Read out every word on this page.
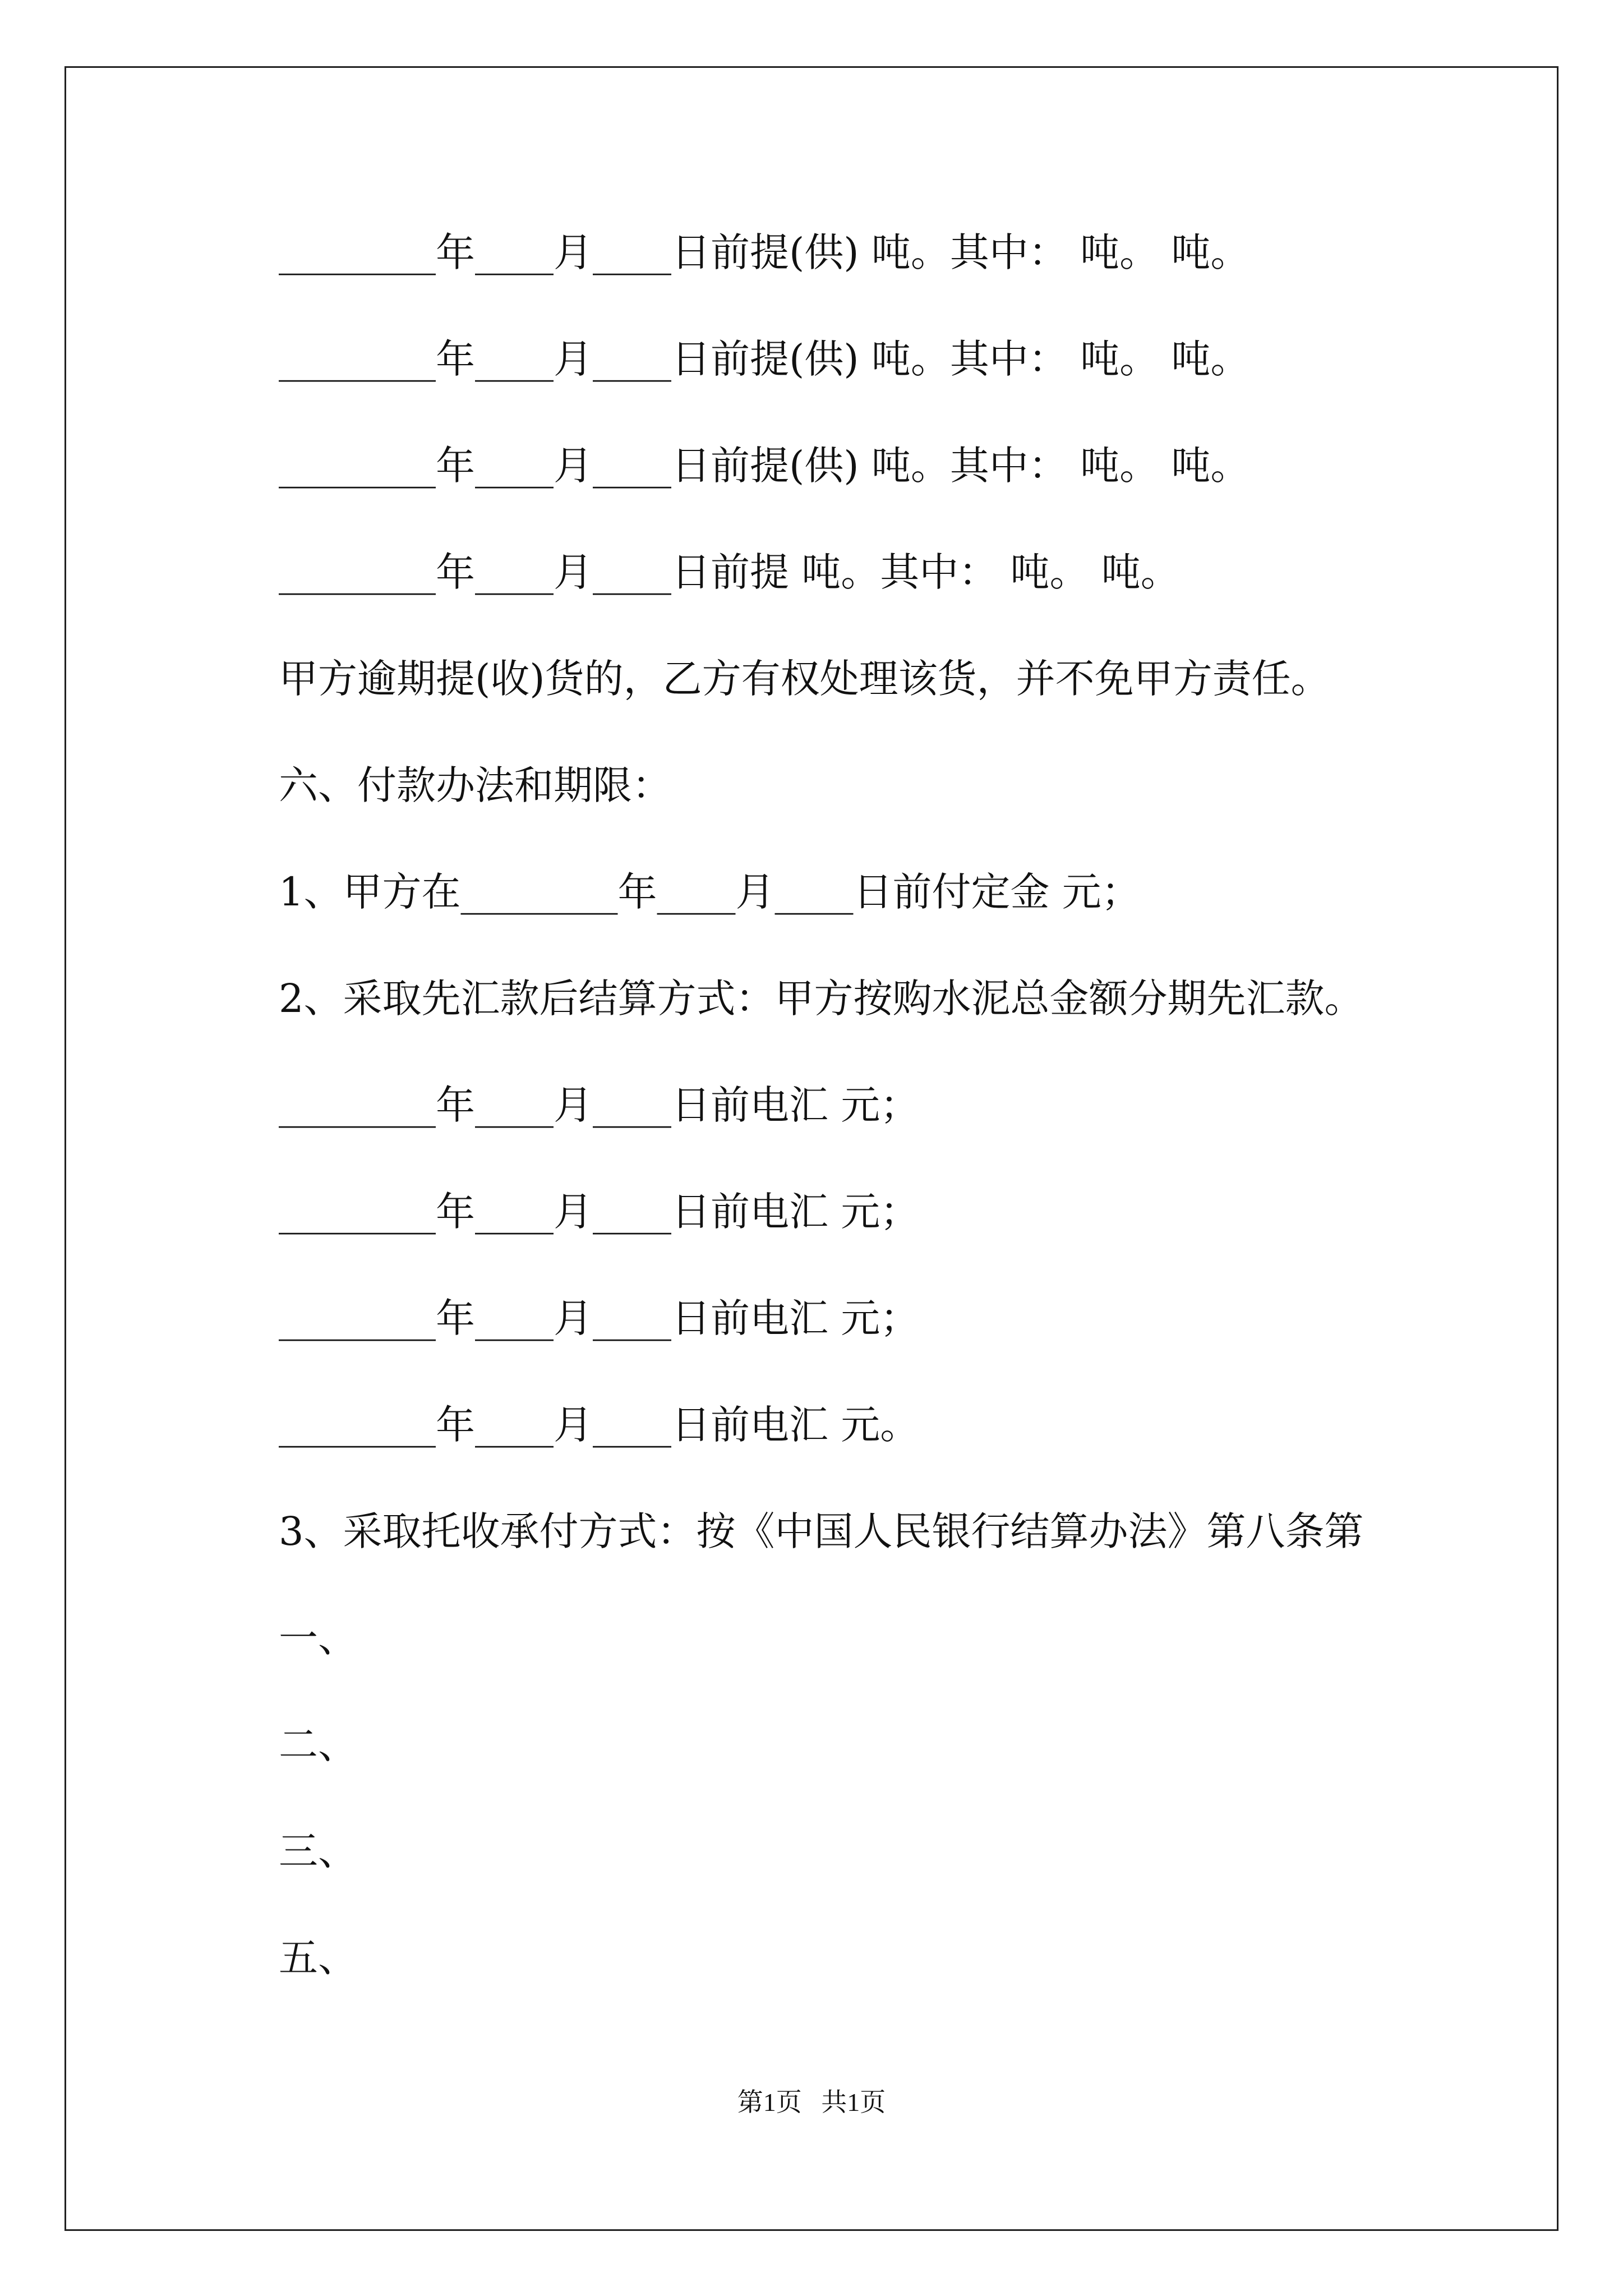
________年____月____日前提(供) 吨。其中： 吨。 吨。

________年____月____日前提(供) 吨。其中： 吨。 吨。

________年____月____日前提(供) 吨。其中： 吨。 吨。

________年____月____日前提 吨。其中： 吨。 吨。

甲方逾期提(收)货的，乙方有权处理该货，并不免甲方责任。

六、付款办法和期限：

1、甲方在________年____月____日前付定金 元；

2、采取先汇款后结算方式：甲方按购水泥总金额分期先汇款。

________年____月____日前电汇 元；

________年____月____日前电汇 元；

________年____月____日前电汇 元；

________年____月____日前电汇 元。

3、采取托收承付方式：按《中国人民银行结算办法》第八条第

一、

二、

三、

五、

第1页   共1页
